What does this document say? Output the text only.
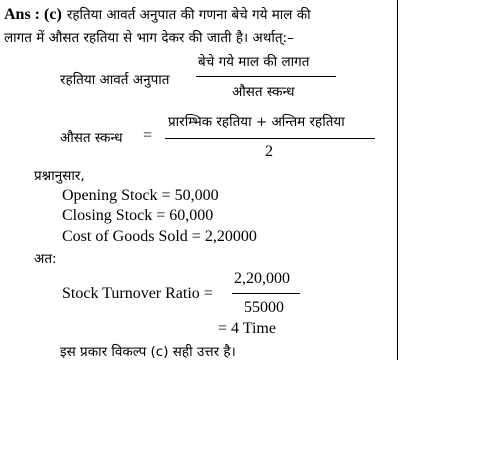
Ans : (c) रहतिया आवर्त अनुपात की गणना बेचे गये माल की
लागत में औसत रहतिया से भाग देकर की जाती है। अर्थात्:–
रहतिया आवर्त अनुपात
बेचे गये माल की लागत
औसत स्कन्ध
औसत स्कन्ध =
प्रारम्भिक रहतिया + अन्तिम रहतिया
2
प्रश्नानुसार,
Opening Stock = 50,000
Closing Stock = 60,000
Cost of Goods Sold = 2,20000
अत:
Stock Turnover Ratio =
2,20,000
55000
= 4 Time
इस प्रकार विकल्प (c) सही उत्तर है।
